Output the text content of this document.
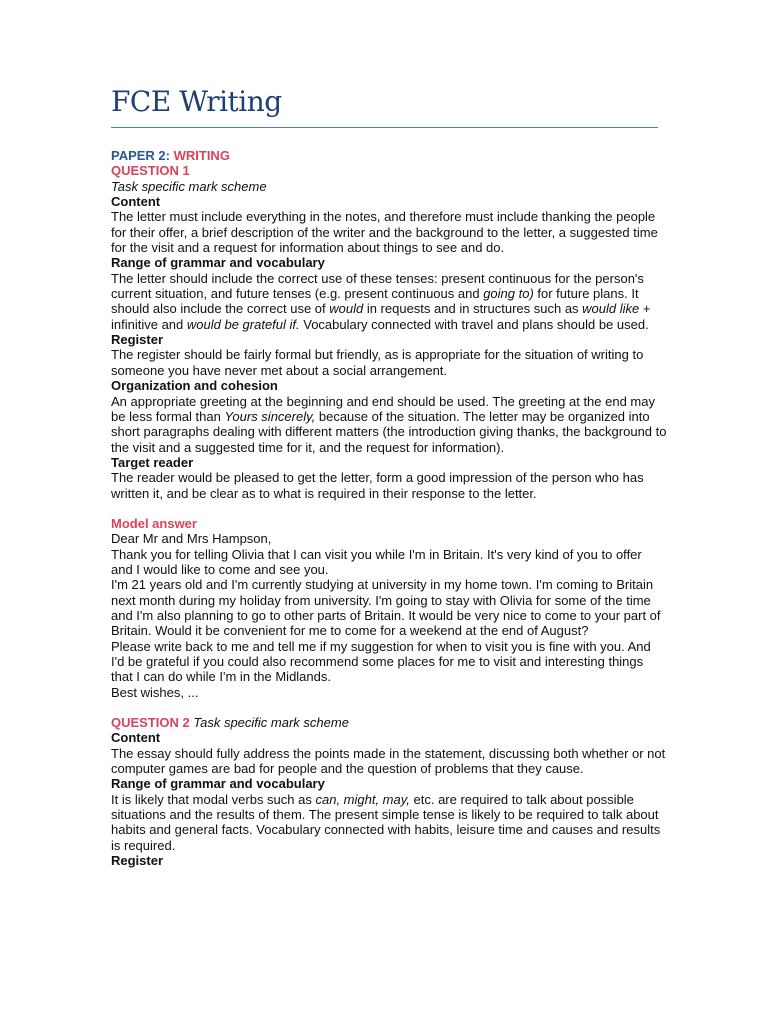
FCE Writing
PAPER 2: WRITING
QUESTION 1
Task specific mark scheme
Content
The letter must include everything in the notes, and therefore must include thanking the people for their offer, a brief description of the writer and the background to the letter, a suggested time for the visit and a request for information about things to see and do.
Range of grammar and vocabulary
The letter should include the correct use of these tenses: present continuous for the person's current situation, and future tenses (e.g. present continuous and going to) for future plans. It should also include the correct use of would in requests and in structures such as would like + infinitive and would be grateful if. Vocabulary connected with travel and plans should be used.
Register
The register should be fairly formal but friendly, as is appropriate for the situation of writing to someone you have never met about a social arrangement.
Organization and cohesion
An appropriate greeting at the beginning and end should be used. The greeting at the end may be less formal than Yours sincerely, because of the situation. The letter may be organized into short paragraphs dealing with different matters (the introduction giving thanks, the background to the visit and a suggested time for it, and the request for information).
Target reader
The reader would be pleased to get the letter, form a good impression of the person who has written it, and be clear as to what is required in their response to the letter.
Model answer
Dear Mr and Mrs Hampson,
Thank you for telling Olivia that I can visit you while I'm in Britain. It's very kind of you to offer and I would like to come and see you.
I'm 21 years old and I'm currently studying at university in my home town. I'm coming to Britain next month during my holiday from university. I'm going to stay with Olivia for some of the time and I'm also planning to go to other parts of Britain. It would be very nice to come to your part of Britain. Would it be convenient for me to come for a weekend at the end of August?
Please write back to me and tell me if my suggestion for when to visit you is fine with you. And I'd be grateful if you could also recommend some places for me to visit and interesting things that I can do while I'm in the Midlands.
Best wishes, ...
QUESTION 2 Task specific mark scheme
Content
The essay should fully address the points made in the statement, discussing both whether or not computer games are bad for people and the question of problems that they cause.
Range of grammar and vocabulary
It is likely that modal verbs such as can, might, may, etc. are required to talk about possible situations and the results of them. The present simple tense is likely to be required to talk about habits and general facts. Vocabulary connected with habits, leisure time and causes and results is required.
Register
